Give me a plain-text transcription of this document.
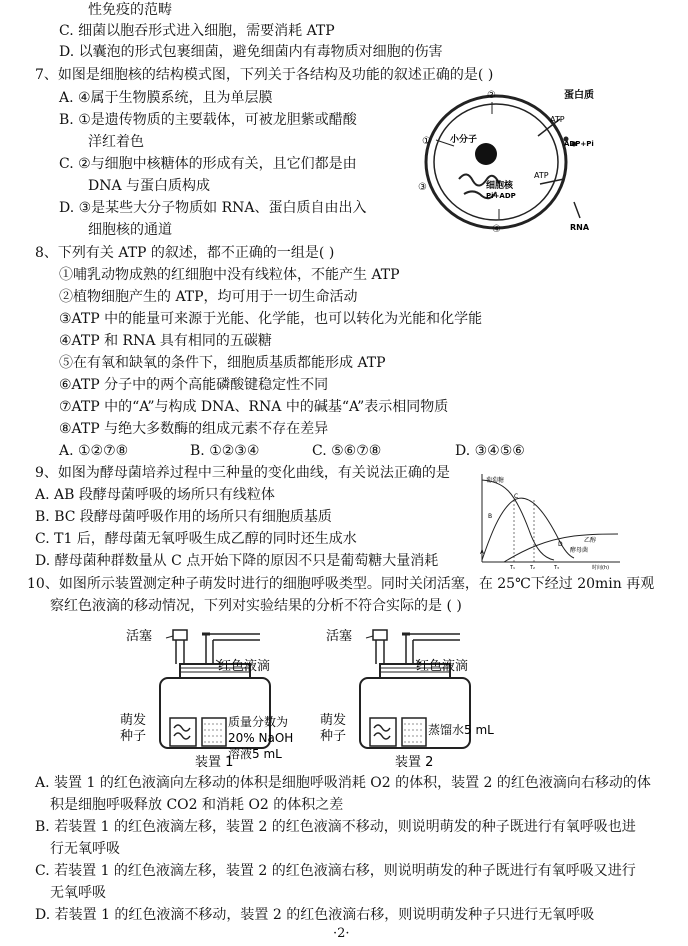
性免疫的范畴
C. 细菌以胞吞形式进入细胞，需要消耗 ATP
D. 以囊泡的形式包裹细菌，避免细菌内有毒物质对细胞的伤害
7、如图是细胞核的结构模式图，下列关于各结构及功能的叙述正确的是( )
A. ④属于生物膜系统，且为单层膜
B. ①是遗传物质的主要载体，可被龙胆紫或醋酸
洋红着色
C. ②与细胞中核糖体的形成有关，且它们都是由
DNA 与蛋白质构成
D. ③是某些大分子物质如 RNA、蛋白质自由出入
细胞核的通道
8、下列有关 ATP 的叙述，都不正确的一组是( )
①哺乳动物成熟的红细胞中没有线粒体，不能产生 ATP
②植物细胞产生的 ATP，均可用于一切生命活动
③ATP 中的能量可来源于光能、化学能，也可以转化为光能和化学能
④ATP 和 RNA 具有相同的五碳糖
⑤在有氧和缺氧的条件下，细胞质基质都能形成 ATP
⑥ATP 分子中的两个高能磷酸键稳定性不同
⑦ATP 中的“A”与构成 DNA、RNA 中的碱基“A”表示相同物质
⑧ATP 与绝大多数酶的组成元素不存在差异
A. ①②⑦⑧	B. ①②③④	C. ⑤⑥⑦⑧	D. ③④⑤⑥
9、如图为酵母菌培养过程中三种量的变化曲线，有关说法正确的是
A. AB 段酵母菌呼吸的场所只有线粒体
B. BC 段酵母菌呼吸作用的场所只有细胞质基质
C. T1 后，酵母菌无氧呼吸生成乙醇的同时还生成水
D. 酵母菌种群数量从 C 点开始下降的原因不只是葡萄糖大量消耗
10、如图所示装置测定种子萌发时进行的细胞呼吸类型。同时关闭活塞，在 25℃下经过 20min 再观
察红色液滴的移动情况，下列对实验结果的分析不符合实际的是 ( )
A. 装置 1 的红色液滴向左移动的体积是细胞呼吸消耗 O2 的体积，装置 2 的红色液滴向右移动的体
积是细胞呼吸释放 CO2 和消耗 O2 的体积之差
B. 若装置 1 的红色液滴左移，装置 2 的红色液滴不移动，则说明萌发的种子既进行有氧呼吸也进
行无氧呼吸
C. 若装置 1 的红色液滴左移，装置 2 的红色液滴右移，则说明萌发的种子既进行有氧呼吸又进行
无氧呼吸
D. 若装置 1 的红色液滴不移动，装置 2 的红色液滴右移，则说明萌发种子只进行无氧呼吸
·2·
蛋白质
ATP
ADP+Pi
小分子
细胞核
ATP
Pi+ADP
RNA
①
②
③
④
葡萄糖
乙醇
酵母菌
时间(h)
A
B
C
D
T₁	T₂	T₃
活塞	活塞
红色液滴	红色液滴
萌发
种子
萌发
种子
质量分数为
20% NaOH
溶液5 mL
蒸馏水5 mL
装置 1	装置 2
